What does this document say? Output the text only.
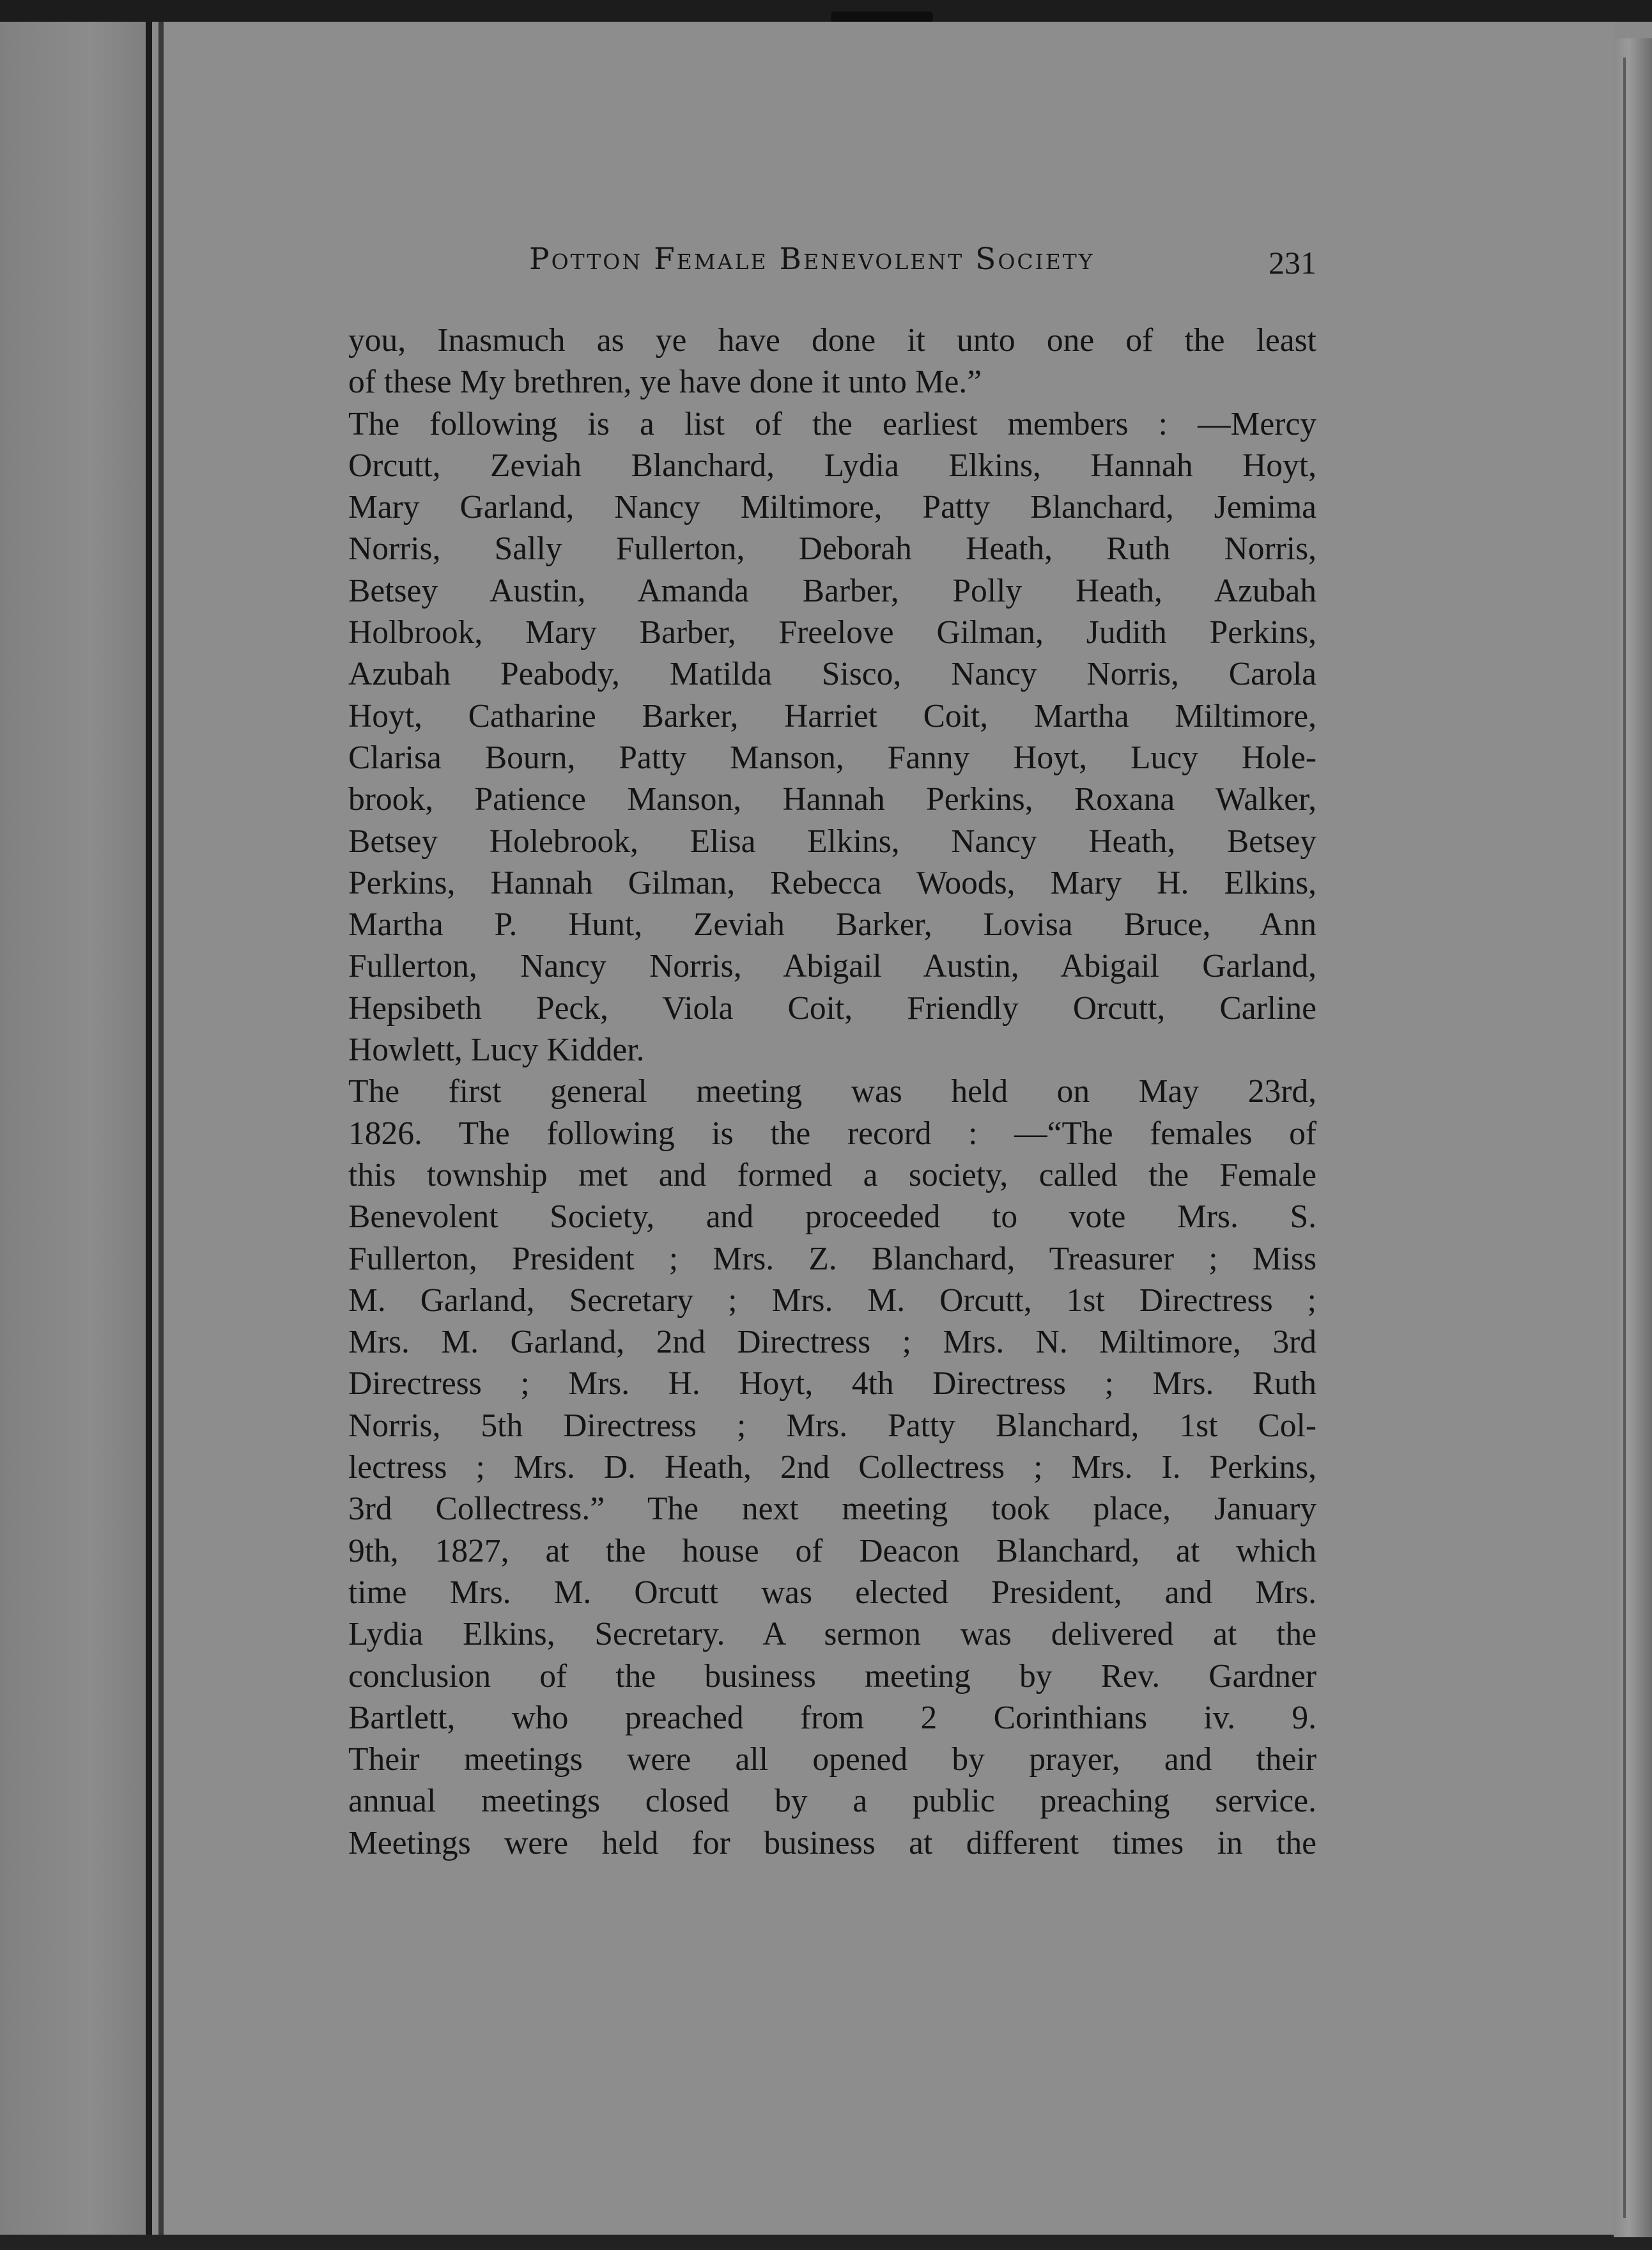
Potton Female Benevolent Society	231
you, Inasmuch as ye have done it unto one of the least
of these My brethren, ye have done it unto Me.”
The following is a list of the earliest members : —Mercy
Orcutt, Zeviah Blanchard, Lydia Elkins, Hannah Hoyt,
Mary Garland, Nancy Miltimore, Patty Blanchard, Jemima
Norris, Sally Fullerton, Deborah Heath, Ruth Norris,
Betsey Austin, Amanda Barber, Polly Heath, Azubah
Holbrook, Mary Barber, Freelove Gilman, Judith Perkins,
Azubah Peabody, Matilda Sisco, Nancy Norris, Carola
Hoyt, Catharine Barker, Harriet Coit, Martha Miltimore,
Clarisa Bourn, Patty Manson, Fanny Hoyt, Lucy Hole-
brook, Patience Manson, Hannah Perkins, Roxana Walker,
Betsey Holebrook, Elisa Elkins, Nancy Heath, Betsey
Perkins, Hannah Gilman, Rebecca Woods, Mary H. Elkins,
Martha P. Hunt, Zeviah Barker, Lovisa Bruce, Ann
Fullerton, Nancy Norris, Abigail Austin, Abigail Garland,
Hepsibeth Peck, Viola Coit, Friendly Orcutt, Carline
Howlett, Lucy Kidder.
The first general meeting was held on May 23rd,
1826. The following is the record : —“The females of
this township met and formed a society, called the Female
Benevolent Society, and proceeded to vote Mrs. S.
Fullerton, President ; Mrs. Z. Blanchard, Treasurer ; Miss
M. Garland, Secretary ; Mrs. M. Orcutt, 1st Directress ;
Mrs. M. Garland, 2nd Directress ; Mrs. N. Miltimore, 3rd
Directress ; Mrs. H. Hoyt, 4th Directress ; Mrs. Ruth
Norris, 5th Directress ; Mrs. Patty Blanchard, 1st Col-
lectress ; Mrs. D. Heath, 2nd Collectress ; Mrs. I. Perkins,
3rd Collectress.” The next meeting took place, January
9th, 1827, at the house of Deacon Blanchard, at which
time Mrs. M. Orcutt was elected President, and Mrs.
Lydia Elkins, Secretary. A sermon was delivered at the
conclusion of the business meeting by Rev. Gardner
Bartlett, who preached from 2 Corinthians iv. 9.
Their meetings were all opened by prayer, and their
annual meetings closed by a public preaching service.
Meetings were held for business at different times in the
